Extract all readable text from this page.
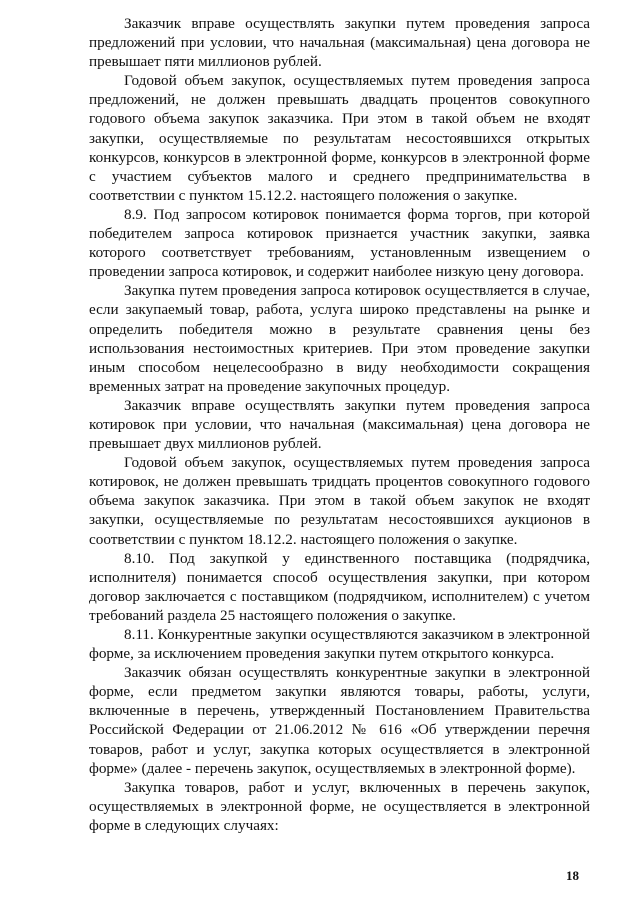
Заказчик вправе осуществлять закупки путем проведения запроса предложений при условии, что начальная (максимальная) цена договора не превышает пяти миллионов рублей.

Годовой объем закупок, осуществляемых путем проведения запроса предложений, не должен превышать двадцать процентов совокупного годового объема закупок заказчика. При этом в такой объем не входят закупки, осуществляемые по результатам несостоявшихся открытых конкурсов, конкурсов в электронной форме, конкурсов в электронной форме с участием субъектов малого и среднего предпринимательства в соответствии с пунктом 15.12.2. настоящего положения о закупке.

8.9. Под запросом котировок понимается форма торгов, при которой победителем запроса котировок признается участник закупки, заявка которого соответствует требованиям, установленным извещением о проведении запроса котировок, и содержит наиболее низкую цену договора.

Закупка путем проведения запроса котировок осуществляется в случае, если закупаемый товар, работа, услуга широко представлены на рынке и определить победителя можно в результате сравнения цены без использования нестоимостных критериев. При этом проведение закупки иным способом нецелесообразно в виду необходимости сокращения временных затрат на проведение закупочных процедур.

Заказчик вправе осуществлять закупки путем проведения запроса котировок при условии, что начальная (максимальная) цена договора не превышает двух миллионов рублей.

Годовой объем закупок, осуществляемых путем проведения запроса котировок, не должен превышать тридцать процентов совокупного годового объема закупок заказчика. При этом в такой объем закупок не входят закупки, осуществляемые по результатам несостоявшихся аукционов в соответствии с пунктом 18.12.2. настоящего положения о закупке.

8.10. Под закупкой у единственного поставщика (подрядчика, исполнителя) понимается способ осуществления закупки, при котором договор заключается с поставщиком (подрядчиком, исполнителем) с учетом требований раздела 25 настоящего положения о закупке.

8.11. Конкурентные закупки осуществляются заказчиком в электронной форме, за исключением проведения закупки путем открытого конкурса.

Заказчик обязан осуществлять конкурентные закупки в электронной форме, если предметом закупки являются товары, работы, услуги, включенные в перечень, утвержденный Постановлением Правительства Российской Федерации от 21.06.2012 № 616 «Об утверждении перечня товаров, работ и услуг, закупка которых осуществляется в электронной форме» (далее - перечень закупок, осуществляемых в электронной форме).

Закупка товаров, работ и услуг, включенных в перечень закупок, осуществляемых в электронной форме, не осуществляется в электронной форме в следующих случаях:

18
